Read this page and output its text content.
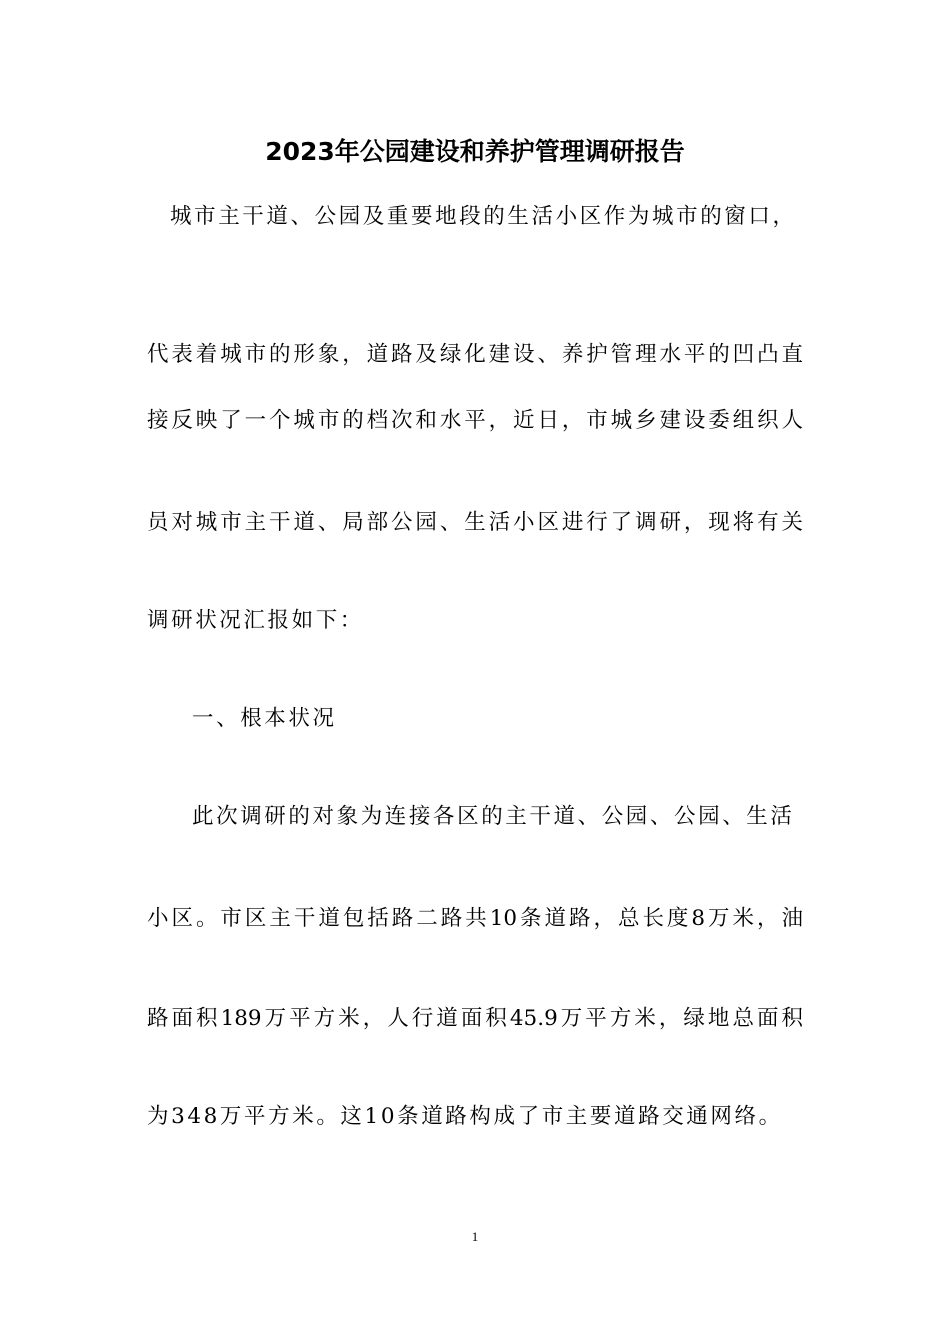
2023年公园建设和养护管理调研报告

城市主干道、公园及重要地段的生活小区作为城市的窗口，

代表着城市的形象，道路及绿化建设、养护管理水平的凹凸直

接反映了一个城市的档次和水平，近日，市城乡建设委组织人

员对城市主干道、局部公园、生活小区进行了调研，现将有关

调研状况汇报如下：

一、根本状况

此次调研的对象为连接各区的主干道、公园、公园、生活

小区。市区主干道包括路二路共10条道路，总长度8万米，油

路面积189万平方米，人行道面积45.9万平方米，绿地总面积

为348万平方米。这10条道路构成了市主要道路交通网络。

1
